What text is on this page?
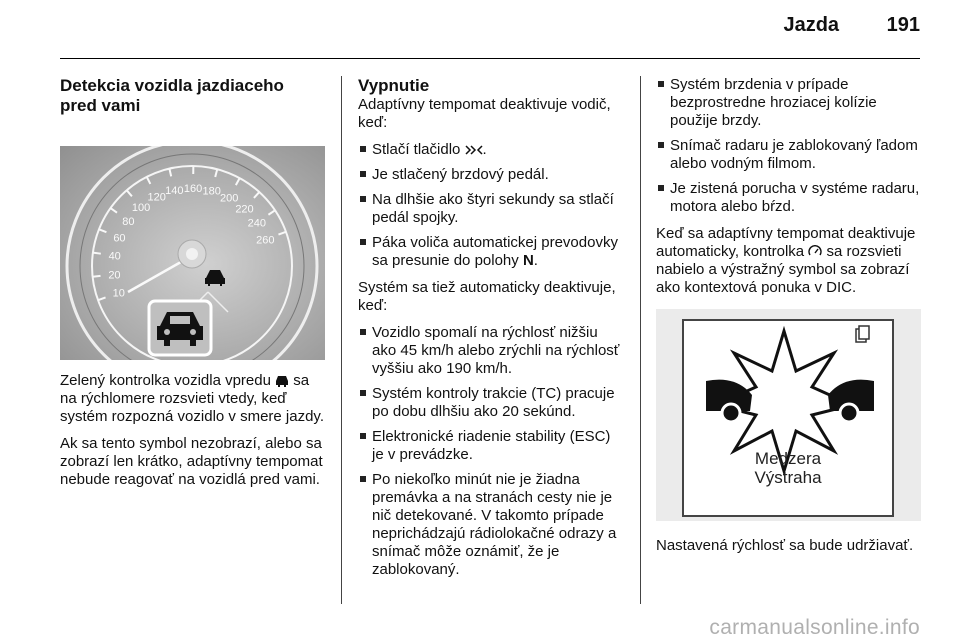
Jazda 191
Detekcia vozidla jazdiaceho
pred vami
10
20
40
60
80
100
120
140 160 180
200
220
240
260

Zelený kontrolka vozidla vpredu sa na rýchlomere rozsvieti vtedy, keď systém rozpozná vozidlo v smere jazdy.

Ak sa tento symbol nezobrazí, alebo sa zobrazí len krátko, adaptívny tempomat nebude reagovať na vozidlá pred vami.

Vypnutie

Adaptívny tempomat deaktivuje vodič, keď:

Stlačí tlačidlo .
Je stlačený brzdový pedál.
Na dlhšie ako štyri sekundy sa stlačí pedál spojky.
Páka voliča automatickej prevodovky sa presunie do polohy N.

Systém sa tiež automaticky deaktivuje, keď:

Vozidlo spomalí na rýchlosť nižšiu ako 45 km/h alebo zrýchli na rýchlosť vyššiu ako 190 km/h.
Systém kontroly trakcie (TC) pracuje po dobu dlhšiu ako 20 sekúnd.
Elektronické riadenie stability (ESC) je v prevádzke.
Po niekoľko minút nie je žiadna premávka a na stranách cesty nie je nič detekované. V takomto prípade neprichádzajú rádiolokačné odrazy a snímač môže oznámiť, že je zablokovaný.
Systém brzdenia v prípade bezprostredne hroziacej kolízie použije brzdy.
Snímač radaru je zablokovaný ľadom alebo vodným filmom.
Je zistená porucha v systéme radaru, motora alebo bŕzd.

Keď sa adaptívny tempomat deaktivuje automaticky, kontrolka sa rozsvieti nabielo a výstražný symbol sa zobrazí ako kontextová ponuka v DIC.

Medzera
Výstraha

Nastavená rýchlosť sa bude udržiavať.

carmanualsonline.info
